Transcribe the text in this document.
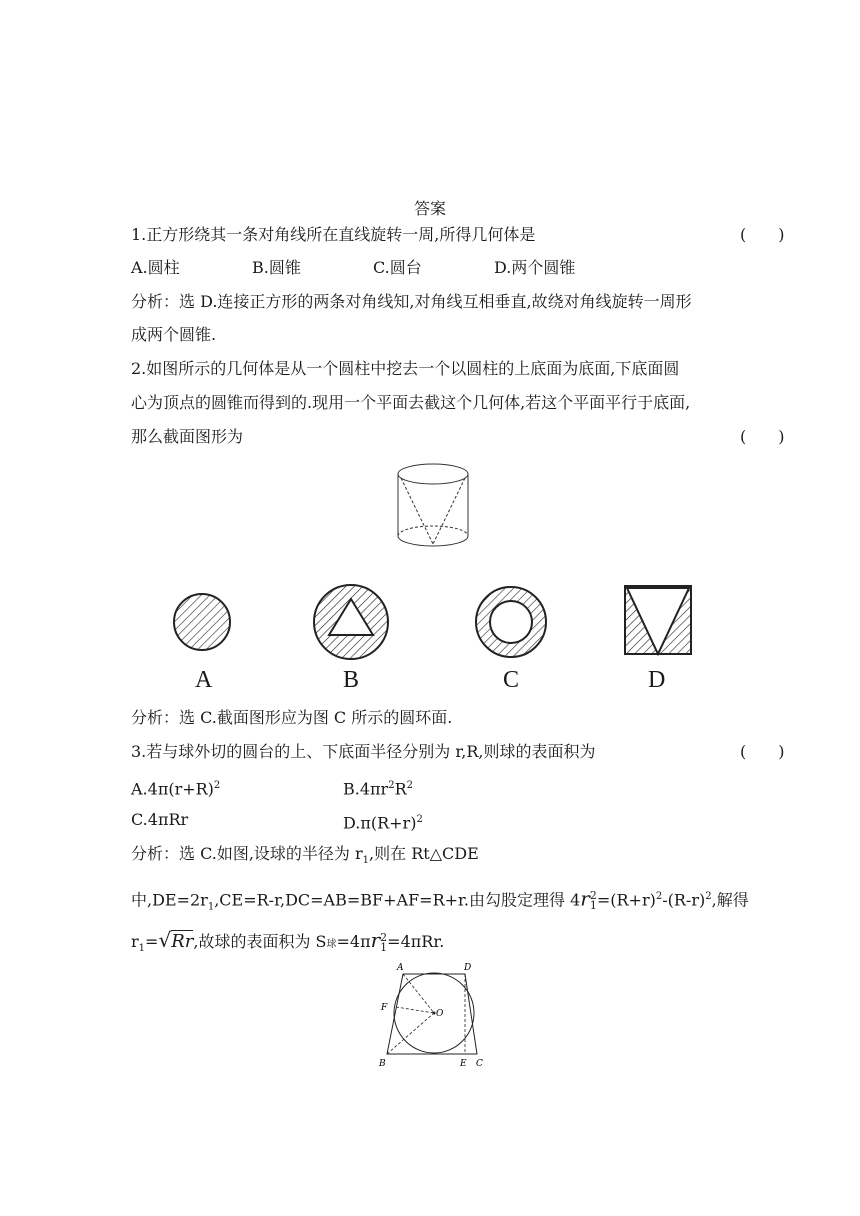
答案
1.正方形绕其一条对角线所在直线旋转一周,所得几何体是	(　　)
A.圆柱	B.圆锥	C.圆台	D.两个圆锥
分析：选 D.连接正方形的两条对角线知,对角线互相垂直,故绕对角线旋转一周形
成两个圆锥.
2.如图所示的几何体是从一个圆柱中挖去一个以圆柱的上底面为底面,下底面圆
心为顶点的圆锥而得到的.现用一个平面去截这个几何体,若这个平面平行于底面,
那么截面图形为	(　　)
A	B	C	D
分析：选 C.截面图形应为图 C 所示的圆环面.
3.若与球外切的圆台的上、下底面半径分别为 r,R,则球的表面积为	(　　)
$A.4\pi(r+R)^2$	$B.4\pi r^2R^2$
C.4πRr	$D.\pi(R+r)^2$
分析：选 C.如图,设球的半径为 $r_1$,则在 Rt△CDE
中$,DE=2r_1,CE=R-r,DC=AB=BF+AF=R+r$.由勾股定理得 4r 2
$1 =(R+r)^2-(R-r)^2$,解得
$r_1=√Rr$,故球的表面积为 S球=4πr 2
1 =4πRr.
A	D
F
O
B	E C
